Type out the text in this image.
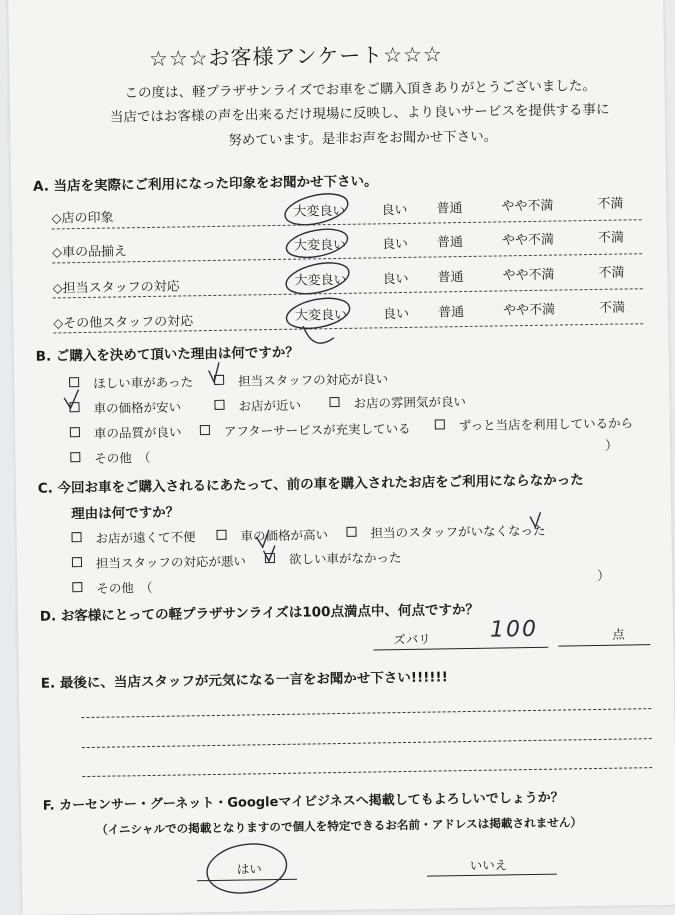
☆☆☆お客様アンケート☆☆☆
この度は、軽プラザサンライズでお車をご購入頂きありがとうございました。
当店ではお客様の声を出来るだけ現場に反映し、より良いサービスを提供する事に
努めています。是非お声をお聞かせ下さい。
A. 当店を実際にご利用になった印象をお聞かせ下さい。
◇店の印象	大変良い	良い 普通	やや不満	不満
◇車の品揃え	大変良い	良い 普通	やや不満	不満
◇担当スタッフの対応	大変良い	良い 普通	やや不満	不満
◇その他スタッフの対応	大変良い	良い 普通	やや不満	不満
B. ご購入を決めて頂いた理由は何ですか？
ほしい車があった	担当スタッフの対応が良い
車の価格が安い	お店が近い	お店の雰囲気が良い
車の品質が良い	アフターサービスが充実している	ずっと当店を利用しているから
その他　（
）
C. 今回お車をご購入されるにあたって、前の車を購入されたお店をご利用にならなかった
理由は何ですか？
お店が遠くて不便	車の価格が高い	担当のスタッフがいなくなった
担当スタッフの対応が悪い	欲しい車がなかった
その他　（
）
D. お客様にとっての軽プラザサンライズは100点満点中、何点ですか？
ズバリ	100	点
E. 最後に、当店スタッフが元気になる一言をお聞かせ下さい!!!!!!
F. カーセンサー・グーネット・Googleマイビジネスへ掲載してもよろしいでしょうか？
（イニシャルでの掲載となりますので個人を特定できるお名前・アドレスは掲載されません）
はい	いいえ
